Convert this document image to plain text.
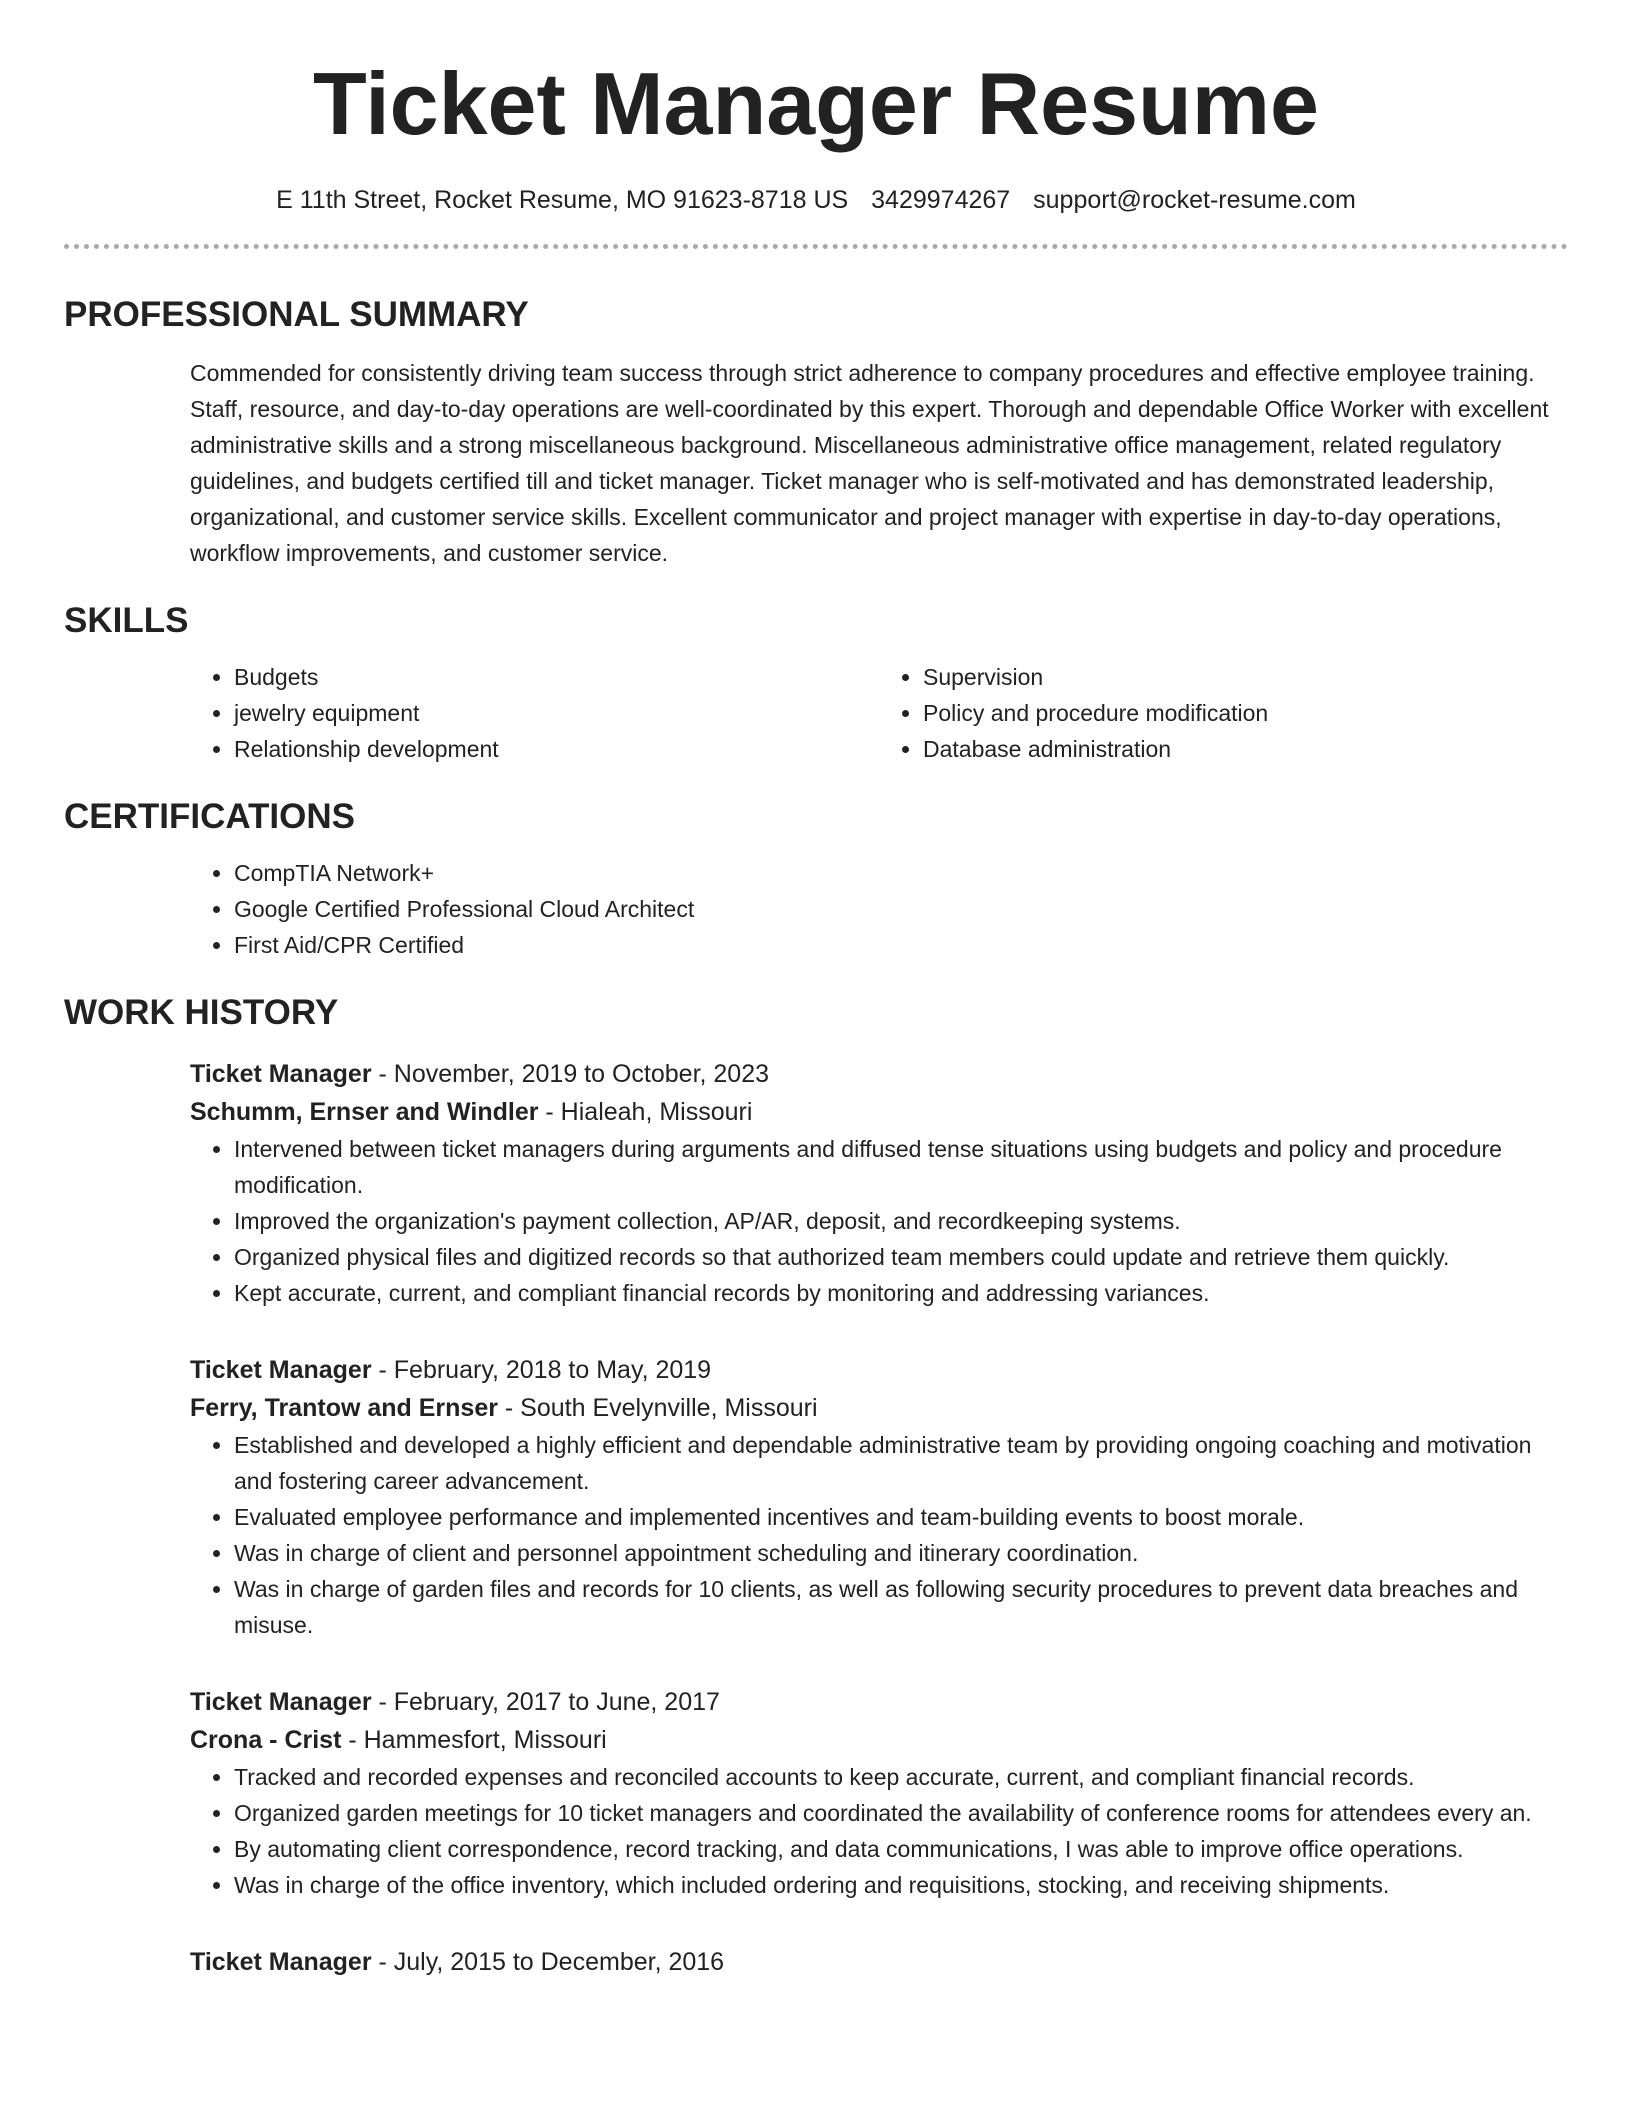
Ticket Manager Resume
E 11th Street, Rocket Resume, MO 91623-8718 US 3429974267 support@rocket-resume.com
PROFESSIONAL SUMMARY
Commended for consistently driving team success through strict adherence to company procedures and effective employee training. Staff, resource, and day-to-day operations are well-coordinated by this expert. Thorough and dependable Office Worker with excellent administrative skills and a strong miscellaneous background. Miscellaneous administrative office management, related regulatory guidelines, and budgets certified till and ticket manager. Ticket manager who is self-motivated and has demonstrated leadership, organizational, and customer service skills. Excellent communicator and project manager with expertise in day-to-day operations, workflow improvements, and customer service.
SKILLS
• Budgets
• jewelry equipment
• Relationship development
• Supervision
• Policy and procedure modification
• Database administration
CERTIFICATIONS
• CompTIA Network+
• Google Certified Professional Cloud Architect
• First Aid/CPR Certified
WORK HISTORY
Ticket Manager - November, 2019 to October, 2023
Schumm, Ernser and Windler - Hialeah, Missouri
• Intervened between ticket managers during arguments and diffused tense situations using budgets and policy and procedure modification.
• Improved the organization's payment collection, AP/AR, deposit, and recordkeeping systems.
• Organized physical files and digitized records so that authorized team members could update and retrieve them quickly.
• Kept accurate, current, and compliant financial records by monitoring and addressing variances.
Ticket Manager - February, 2018 to May, 2019
Ferry, Trantow and Ernser - South Evelynville, Missouri
• Established and developed a highly efficient and dependable administrative team by providing ongoing coaching and motivation and fostering career advancement.
• Evaluated employee performance and implemented incentives and team-building events to boost morale.
• Was in charge of client and personnel appointment scheduling and itinerary coordination.
• Was in charge of garden files and records for 10 clients, as well as following security procedures to prevent data breaches and misuse.
Ticket Manager - February, 2017 to June, 2017
Crona - Crist - Hammesfort, Missouri
• Tracked and recorded expenses and reconciled accounts to keep accurate, current, and compliant financial records.
• Organized garden meetings for 10 ticket managers and coordinated the availability of conference rooms for attendees every an.
• By automating client correspondence, record tracking, and data communications, I was able to improve office operations.
• Was in charge of the office inventory, which included ordering and requisitions, stocking, and receiving shipments.
Ticket Manager - July, 2015 to December, 2016
